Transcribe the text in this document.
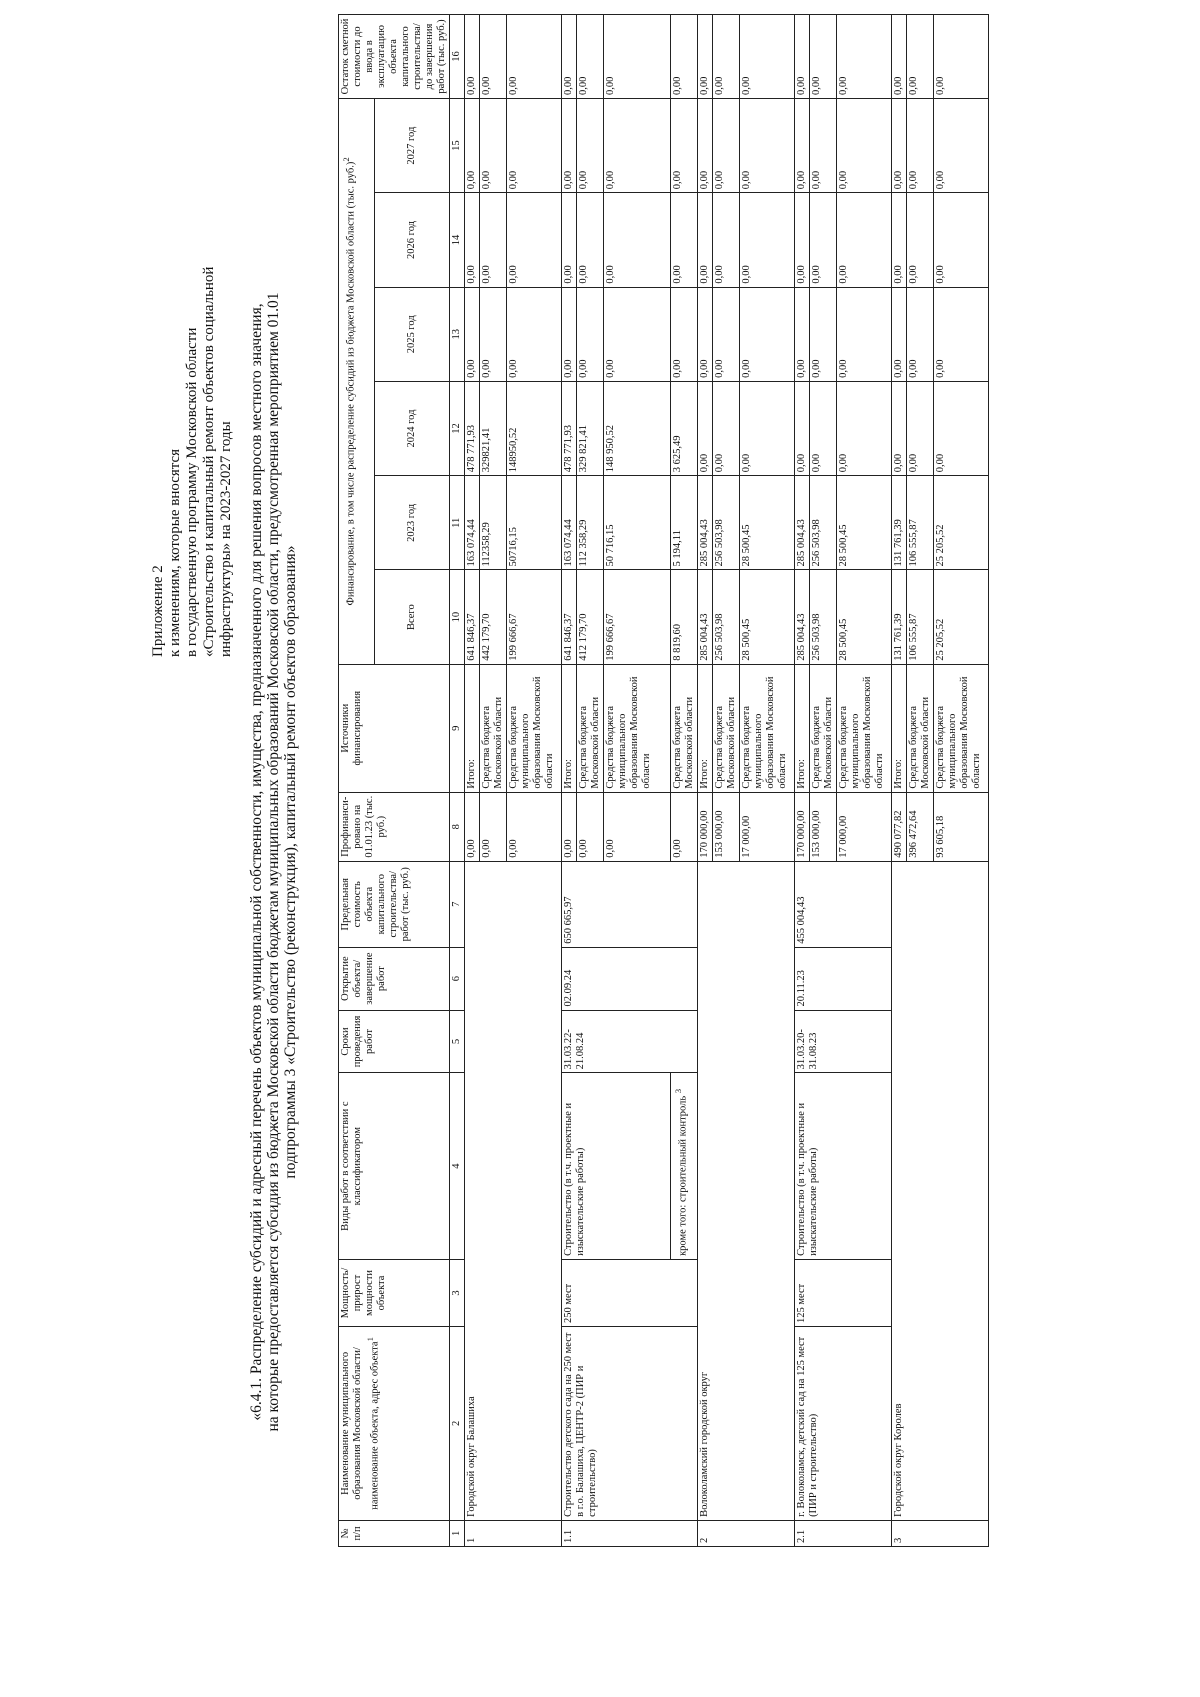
Приложение 2 к изменениям, которые вносятся в государственную программу Московской области «Строительство и капитальный ремонт объектов социальной инфраструктуры» на 2023-2027 годы «6.4.1. Распределение субсидий и адресный перечень объектов муниципальной собственности, имущества, предназначенного для решения вопросов местного значения, на которые предоставляется субсидия из бюджета Московской области бюджетам муниципальных образований Московской области, предусмотренная мероприятием 01.01 подпрограммы 3 «Строительство (реконструкция), капитальный ремонт объектов образования»
№ п/п	Наименование муниципального образования Московской области/ наименование объекта, адрес объекта$^1$	Мощность/ прирост мощности объекта	Виды работ в соответствии с классификатором	Сроки проведения работ	Открытие объекта/ завершение работ	Предельная стоимость объекта капитального строительства/ работ (тыс. руб.)	Профинанси-ровано на 01.01.23 (тыс. руб.)	Источники финансирования	Финансирование, в том числе распределение субсидий из бюджета Московской области (тыс. руб.)$^2$						Остаток сметной стоимости до ввода в эксплуатацию объекта капитального строительства/ до завершения работ (тыс. руб.)
									Всего	2023 год	2024 год	2025 год	2026 год	2027 год	
1	2	3	4	5	6	7	8	9	10	11	12	13	14	15	16
1	Городской округ Балашиха						0,00	Итого:	641 846,37	163 074,44	478 771,93	0,00	0,00	0,00	0,00
							0,00	Средства бюджета Московской области	442 179,70	112358,29	329821,41	0,00	0,00	0,00	0,00
							0,00	Средства бюджета муниципального образования Московской области	199 666,67	50716,15	148950,52	0,00	0,00	0,00	0,00
1.1	Строительство детского сада на 250 мест в г.о. Балашиха, ЦЕНТР-2 (ПИР и строительство)	250 мест	Строительство (в т.ч. проектные и изыскательские работы)	31.03.22-21.08.24	02.09.24	650 665,97	0,00	Итого:	641 846,37	163 074,44	478 771,93	0,00	0,00	0,00	0,00
							0,00	Средства бюджета Московской области	412 179,70	112 358,29	329 821,41	0,00	0,00	0,00	0,00
							0,00	Средства бюджета муниципального образования Московской области	199 666,67	50 716,15	148 950,52	0,00	0,00	0,00	0,00
			кроме того: строительный контроль $^3$				0,00	Средства бюджета Московской области	8 819,60	5 194,11	3 625,49	0,00	0,00	0,00	0,00
2	Волоколамский городской округ						170 000,00	Итого:	285 004,43	285 004,43	0,00	0,00	0,00	0,00	0,00
							153 000,00	Средства бюджета Московской области	256 503,98	256 503,98	0,00	0,00	0,00	0,00	0,00
							17 000,00	Средства бюджета муниципального образования Московской области	28 500,45	28 500,45	0,00	0,00	0,00	0,00	0,00
2.1	г. Волоколамск, детский сад на 125 мест (ПИР и строительство)	125 мест	Строительство (в т.ч. проектные и изыскательские работы)	31.03.20-31.08.23	20.11.23	455 004,43	170 000,00	Итого:	285 004,43	285 004,43	0,00	0,00	0,00	0,00	0,00
							153 000,00	Средства бюджета Московской области	256 503,98	256 503,98	0,00	0,00	0,00	0,00	0,00
							17 000,00	Средства бюджета муниципального образования Московской области	28 500,45	28 500,45	0,00	0,00	0,00	0,00	0,00
3	Городской округ Королев						490 077,82	Итого:	131 761,39	131 761,39	0,00	0,00	0,00	0,00	0,00
							396 472,64	Средства бюджета Московской области	106 555,87	106 555,87	0,00	0,00	0,00	0,00	0,00
							93 605,18	Средства бюджета муниципального образования Московской области	25 205,52	25 205,52	0,00	0,00	0,00	0,00	0,00
